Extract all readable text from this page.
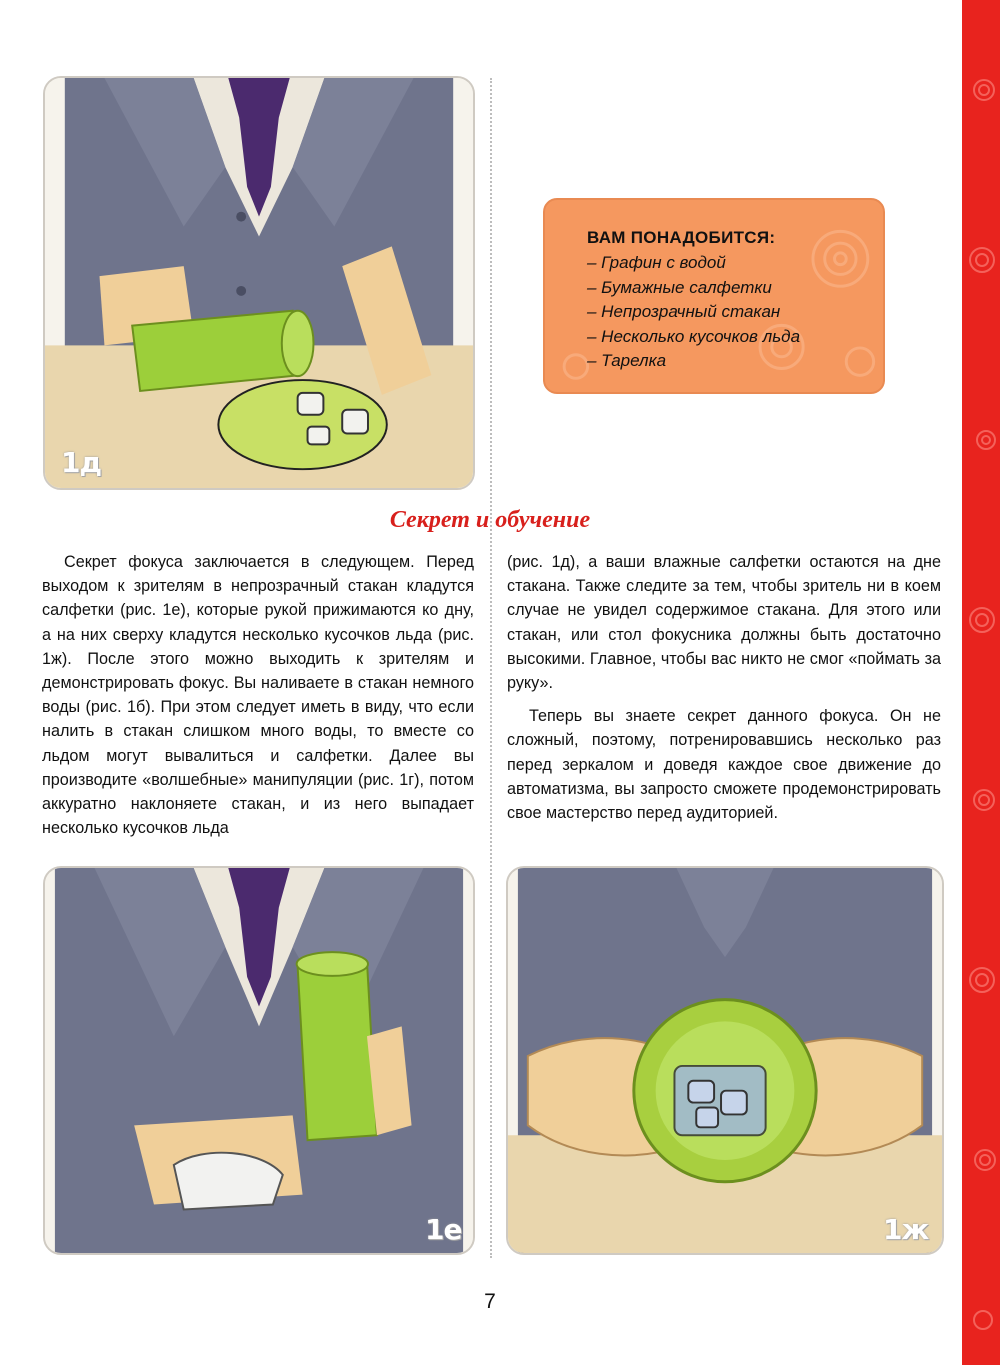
1д
ВАМ ПОНАДОБИТСЯ:
– Графин с водой
– Бумажные салфетки
– Непрозрачный стакан
– Несколько кусочков льда
– Тарелка
Секрет и обучение

Секрет фокуса заключается в следующем. Перед выходом к зрителям в непрозрачный стакан кладутся салфетки (рис. 1е), которые рукой прижимаются ко дну, а на них сверху кладутся несколько кусочков льда (рис. 1ж). После этого можно выходить к зрителям и демонстрировать фокус. Вы наливаете в стакан немного воды (рис. 1б). При этом следует иметь в виду, что если налить в стакан слишком много воды, то вместе со льдом могут вывалиться и салфетки. Далее вы производите «волшебные» манипуляции (рис. 1г), потом аккуратно наклоняете стакан, и из него выпадает несколько кусочков льда

(рис. 1д), а ваши влажные салфетки остаются на дне стакана. Также следите за тем, чтобы зритель ни в коем случае не увидел содержимое стакана. Для этого или стакан, или стол фокусника должны быть достаточно высокими. Главное, чтобы вас никто не смог «поймать за руку».

Теперь вы знаете секрет данного фокуса. Он не сложный, поэтому, потренировавшись несколько раз перед зеркалом и доведя каждое свое движение до автоматизма, вы запросто сможете продемонстрировать свое мастерство перед аудиторией.

1е	1ж
7
